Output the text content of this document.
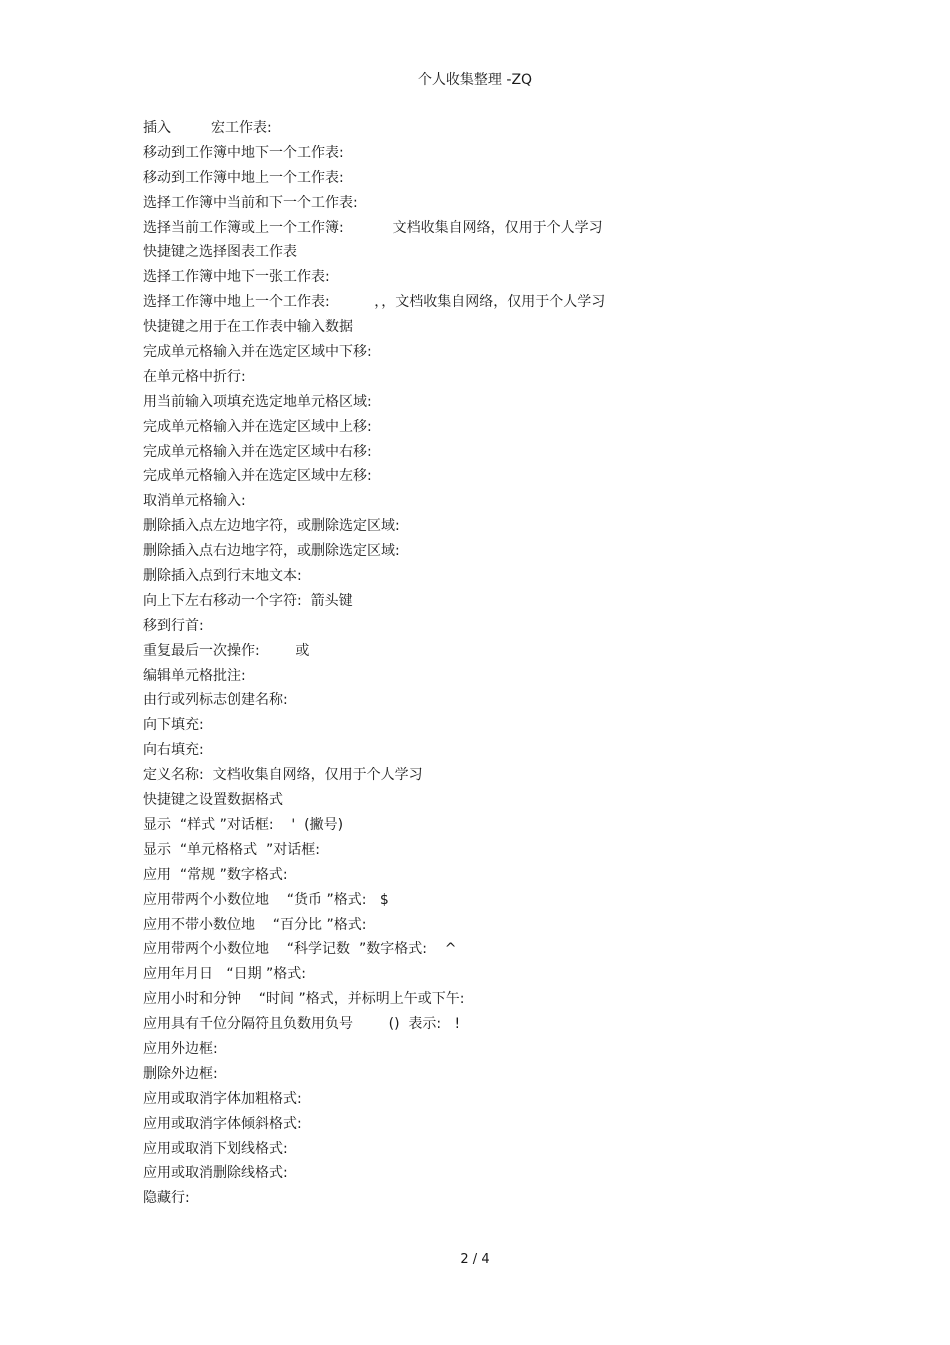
个人收集整理 -ZQ
插入         宏工作表:
移动到工作簿中地下一个工作表:
移动到工作簿中地上一个工作表:
选择工作簿中当前和下一个工作表:
选择当前工作簿或上一个工作簿:           文档收集自网络，仅用于个人学习
快捷键之选择图表工作表
选择工作簿中地下一张工作表:
选择工作簿中地上一个工作表:          ，，文档收集自网络，仅用于个人学习
快捷键之用于在工作表中输入数据
完成单元格输入并在选定区域中下移:
在单元格中折行:
用当前输入项填充选定地单元格区域:
完成单元格输入并在选定区域中上移:
完成单元格输入并在选定区域中右移:
完成单元格输入并在选定区域中左移:
取消单元格输入:
删除插入点左边地字符，或删除选定区域:
删除插入点右边地字符，或删除选定区域:
删除插入点到行末地文本:
向上下左右移动一个字符:  箭头键
移到行首:
重复最后一次操作:        或
编辑单元格批注:
由行或列标志创建名称:
向下填充:
向右填充:
定义名称:  文档收集自网络，仅用于个人学习
快捷键之设置数据格式
显示  “样式 ”对话框:    '  (撇号)
显示  “单元格格式  ”对话框:
应用  “常规 ”数字格式:
应用带两个小数位地    “货币 ”格式:   $
应用不带小数位地    “百分比 ”格式:
应用带两个小数位地    “科学记数  ”数字格式:    ^
应用年月日   “日期 ”格式:
应用小时和分钟    “时间 ”格式，并标明上午或下午:
应用具有千位分隔符且负数用负号        ()  表示:   !
应用外边框:
删除外边框:
应用或取消字体加粗格式:
应用或取消字体倾斜格式:
应用或取消下划线格式:
应用或取消删除线格式:
隐藏行:
2 / 4
